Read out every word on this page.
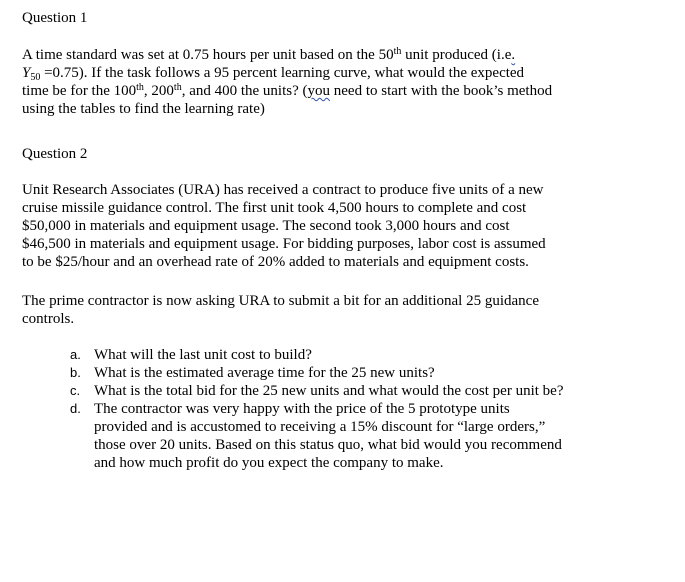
Question 1
A time standard was set at 0.75 hours per unit based on the 50th unit produced (i.e.
$Y_{50} =0.75$). If the task follows a 95 percent learning curve, what would the expected
time be for the 100th, 200th, and 400 the units? (you need to start with the book’s method
using the tables to find the learning rate)
Question 2
Unit Research Associates (URA) has received a contract to produce five units of a new
cruise missile guidance control. The first unit took 4,500 hours to complete and cost
$50,000 in materials and equipment usage. The second took 3,000 hours and cost
$46,500 in materials and equipment usage. For bidding purposes, labor cost is assumed
to be $25/hour and an overhead rate of 20% added to materials and equipment costs.
The prime contractor is now asking URA to submit a bit for an additional 25 guidance
controls.
a. What will the last unit cost to build?
b. What is the estimated average time for the 25 new units?
c. What is the total bid for the 25 new units and what would the cost per unit be?
d. The contractor was very happy with the price of the 5 prototype units
provided and is accustomed to receiving a 15% discount for “large orders,”
those over 20 units. Based on this status quo, what bid would you recommend
and how much profit do you expect the company to make.
